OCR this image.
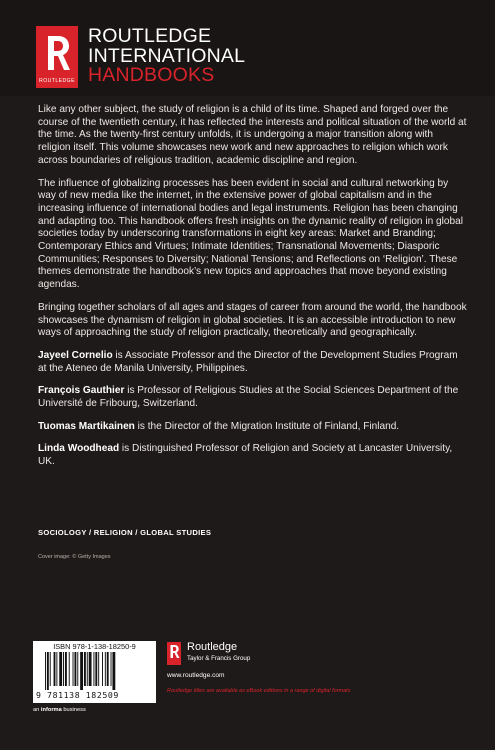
ROUTLEDGE
ROUTLEDGE
INTERNATIONAL
HANDBOOKS

Like any other subject, the study of religion is a child of its time. Shaped and forged over the course of the twentieth century, it has reflected the interests and political situation of the world at the time. As the twenty-first century unfolds, it is undergoing a major transition along with religion itself. This volume showcases new work and new approaches to religion which work across boundaries of religious tradition, academic discipline and region.

The influence of globalizing processes has been evident in social and cultural networking by way of new media like the internet, in the extensive power of global capitalism and in the increasing influence of international bodies and legal instruments. Religion has been changing and adapting too. This handbook offers fresh insights on the dynamic reality of religion in global societies today by underscoring transformations in eight key areas: Market and Branding; Contemporary Ethics and Virtues; Intimate Identities; Transnational Movements; Diasporic Communities; Responses to Diversity; National Tensions; and Reflections on ‘Religion’. These themes demonstrate the handbook’s new topics and approaches that move beyond existing agendas.

Bringing together scholars of all ages and stages of career from around the world, the handbook showcases the dynamism of religion in global societies. It is an accessible introduction to new ways of approaching the study of religion practically, theoretically and geographically.

Jayeel Cornelio is Associate Professor and the Director of the Development Studies Program at the Ateneo de Manila University, Philippines.

François Gauthier is Professor of Religious Studies at the Social Sciences Department of the Université de Fribourg, Switzerland.

Tuomas Martikainen is the Director of the Migration Institute of Finland, Finland.

Linda Woodhead is Distinguished Professor of Religion and Society at Lancaster University, UK.

SOCIOLOGY / RELIGION / GLOBAL STUDIES
Cover image: © Getty Images
ISBN 978-1-138-18250-9
9 781138 182509
an informa business
Routledge
Taylor & Francis Group
www.routledge.com
Routledge titles are available as eBook editions in a range of digital formats
